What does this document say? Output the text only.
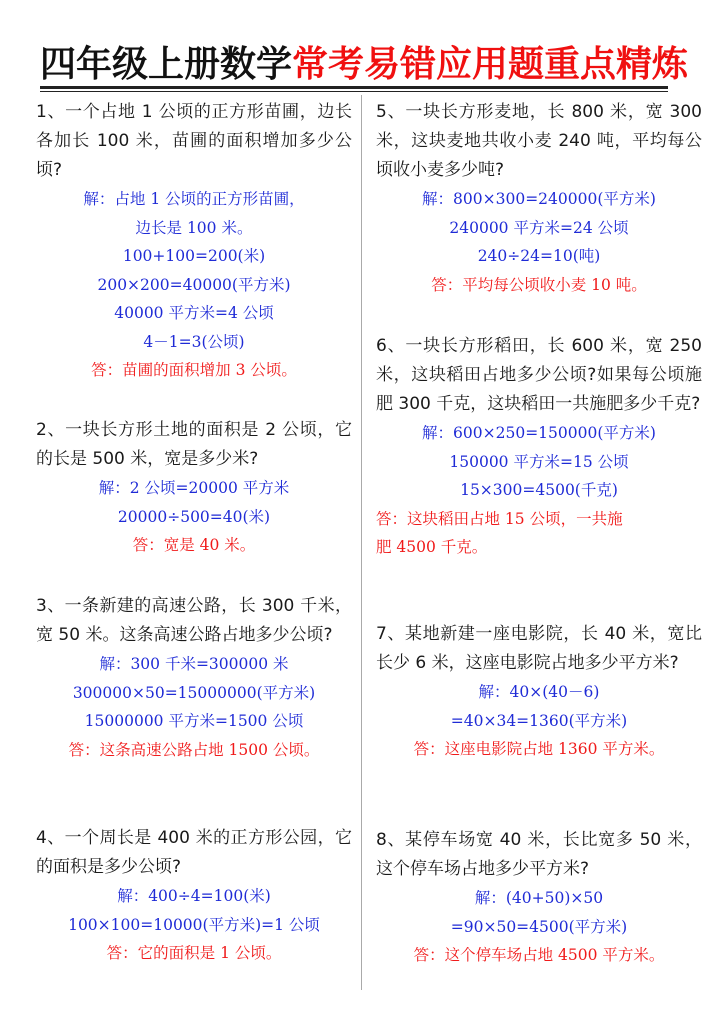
四年级上册数学常考易错应用题重点精炼
1、一个占地 1 公顷的正方形苗圃，边长各加长 100 米，苗圃的面积增加多少公顷?
解：占地 1 公顷的正方形苗圃，
边长是 100 米。
100+100=200(米)
200×200=40000(平方米)
40000 平方米=4 公顷
4－1=3(公顷)
答：苗圃的面积增加 3 公顷。
2、一块长方形土地的面积是 2 公顷，它的长是 500 米，宽是多少米?
解：2 公顷=20000 平方米
20000÷500=40(米)
答：宽是 40 米。
3、一条新建的高速公路，长 300 千米，宽 50 米。这条高速公路占地多少公顷?
解：300 千米=300000 米
300000×50=15000000(平方米)
15000000 平方米=1500 公顷
答：这条高速公路占地 1500 公顷。
4、一个周长是 400 米的正方形公园，它的面积是多少公顷?
解：400÷4=100(米)
100×100=10000(平方米)=1 公顷
答：它的面积是 1 公顷。
5、一块长方形麦地，长 800 米，宽 300 米，这块麦地共收小麦 240 吨，平均每公顷收小麦多少吨?
解：800×300=240000(平方米)
240000 平方米=24 公顷
240÷24=10(吨)
答：平均每公顷收小麦 10 吨。
6、一块长方形稻田，长 600 米，宽 250 米，这块稻田占地多少公顷?如果每公顷施肥 300 千克，这块稻田一共施肥多少千克?
解：600×250=150000(平方米)
150000 平方米=15 公顷
15×300=4500(千克)
答：这块稻田占地 15 公顷，一共施
肥 4500 千克。
7、某地新建一座电影院，长 40 米，宽比长少 6 米，这座电影院占地多少平方米?
解：40×(40－6)
=40×34=1360(平方米)
答：这座电影院占地 1360 平方米。
8、某停车场宽 40 米，长比宽多 50 米，这个停车场占地多少平方米?
解：(40+50)×50
=90×50=4500(平方米)
答：这个停车场占地 4500 平方米。
